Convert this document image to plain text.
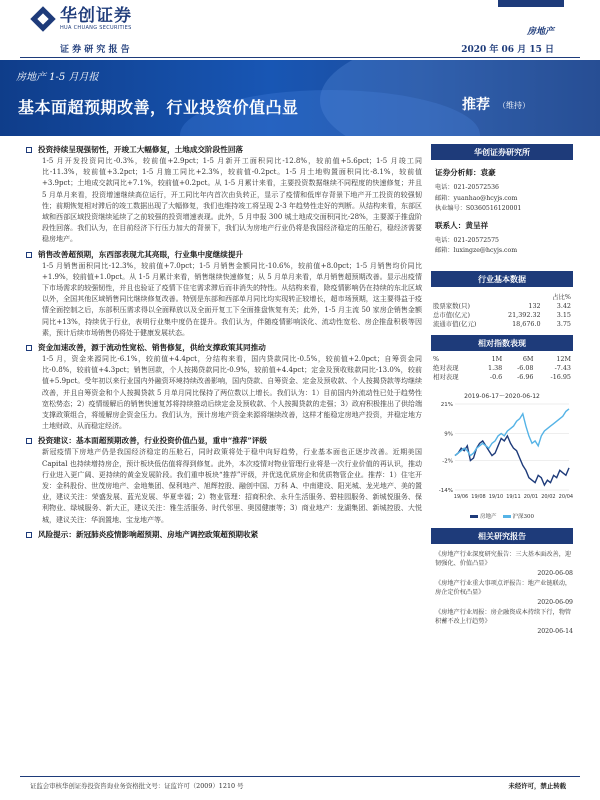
华创证券
HUA CHUANG SECURITIES
证 券 研 究 报 告
房地产
2020 年 06 月 15 日
房地产 1-5 月月报
基本面超预期改善，行业投资价值凸显	推荐 （维持）
投资持续呈现强韧性，开竣工大幅修复，土地成交阶段性回落
1-5 月开发投资同比-0.3%，较前值+2.9pct；1-5 月新开工面积同比-12.8%，较前值+5.6pct；1-5 月竣工同比-11.3%，较前值+3.2pct；1-5 月施工同比+2.3%，较前值-0.2pct。1-5 月土地购置面积同比-8.1%，较前值+3.9pct；土地成交款同比+7.1%，较前值+0.2pct。从 1-5 月累计来看，主要投资数据继续不同程度的快速修复；并且 5 月单月来看，投资增速继续高位运行，开工同比年内首次由负转正，显示了疫情和低库存背景下地产开工投资的较强韧性；前期恢复相对滞后的竣工数据出现了大幅修复，我们也维持竣工将呈现 2-3 年趋势性走好的判断。从结构来看，东部区域和西部区域投资继续延续了之前较强的投资增速表现。此外，5 月申报 300 城土地成交面积同比-28%，主要源于推盘阶段性回落。我们认为，在目前经济下行压力加大的背景下，我们认为房地产行业仍将是我国经济稳定的压舱石，稳经济需要稳房地产。
销售改善超预期，东西部表现尤其亮眼，行业集中度继续提升
1-5 月销售面积同比-12.3%，较前值+7.0pct；1-5 月销售金额同比-10.6%，较前值+8.0pct；1-5 月销售均价同比+1.9%，较前值+1.0pct。从 1-5 月累计来看，销售继续快速修复；从 5 月单月来看，单月销售超预期改善。显示出疫情下市场需求的较强韧性，并且也验证了疫情下住宅需求滞后而非消失的特性。从结构来看，除疫情影响仍在持续的东北区域以外，全国其他区域销售同比继续修复改善。特别是东部和西部单月同比均实现转正较增长，超市场预期，这主要得益于疫情全面控制之后，东部积压需求得以全面释放以及全面开复工下全面推盘恢复有关；此外，1-5 月主流 50 家房企销售金额同比+13%，持续优于行业，表明行业集中度仍在提升。我们认为，伴随疫情影响淡化、流动性宽松、房企推盘积极等因素，预计后续市场销售仍将处于健康发展状态。
资金加速改善，源于流动性宽松、销售修复，供给支撑政策其同推动
1-5 月，资金来源同比-6.1%，较前值+4.4pct，分结构来看，国内贷款同比-0.5%，较前值+2.0pct；自筹资金同比-0.8%，较前值+4.3pct；销售回款，个人按揭贷款同比-0.9%，较前值+4.4pct；定金及预收账款同比-13.0%，较前值+5.9pct。受年初以来行业国内外融资环境持续改善影响，国内贷款、自筹资金、定金及预收款、个人按揭贷款等均继续改善，并且自筹资金和个人按揭贷款 5 月单月同比保持了两位数以上增长。我们认为：1）目前国内外流动性已处于趋势性宽松势态；2）疫情缓解后的销售快速复苏将持续推动后续定金及预收款、个人按揭贷款的走强；3）政府积极推出了供给端支撑政策组合，将缓解房企资金压力。我们认为，预计房地产资金来源将继续改善，这样才能稳定房地产投资，并稳定地方土地财政、从而稳定经济。
投资建议：基本面超预期改善，行业投资价值凸显，重申“推荐”评级
新冠疫情下房地产仍是我国经济稳定的压舱石，同时政策将处于稳中向好趋势，行业基本面也正逐步改善。近期美国 Capital 也持续增持房企，预计板块低估值将得到修复。此外，本次疫情对物业管理行业将是一次行业价值的再认识，推动行业进入更广阔、更持续的黄金发展阶段。我们重申板块“推荐”评级，并优选优质房企和优质物管企业。推荐：1）住宅开发：金科股份、世茂房地产、金地集团、保利地产、旭辉控股、融创中国、万科 A、中南建设、阳光城、龙光地产、美的置业，建议关注：荣盛发展、蓝光发展、华夏幸福；2）物业管理：招商积余、永升生活服务、碧桂园服务、新城悦服务、保利物业、绿城服务、新大正，建议关注：雅生活服务、时代邻里、奥园健康等；3）商业地产：龙湖集团、新城控股、大悦城，建议关注：华润置地、宝龙地产等。
风险提示：新冠肺炎疫情影响超预期、房地产调控政策超预期收紧
华创证券研究所
证券分析师：袁豪
电话：021-20572536
邮箱：yuanhao@hcyjs.com
执业编号：S0360516120001
联系人：黄呈祥
电话：021-20572575
邮箱：luxingze@hcyjs.com
行业基本数据
		占比%
股票家数(只)	132	3.42
总市值(亿元)	21,392.32	3.15
流通市值(亿元)	18,676.0	3.75
相对指数表现
%	1M	6M	12M
绝对表现	1.38	-6.08	-7.43
相对表现	-0.6	-6.96	-16.95
2019-06-17～2020-06-12
21%
9%
-2%
-14%
19/06 19/08 19/10 19/11 20/01 20/02 20/04
房地产	沪深300
相关研究报告
《房地产行业深度研究报告：三大基本面改善，迎韧强化、价值凸显》
2020-06-08
《房地产行业重大事项点评报告：地产业链联动，房企定价权凸显》
2020-06-09
《房地产行业周报：房企融资成本持续下行，物管积蓄不改上行趋势》
2020-06-14
证监会审核华创证券投资咨询业务资格批文号：证监许可（2009）1210 号	未经许可，禁止转载
